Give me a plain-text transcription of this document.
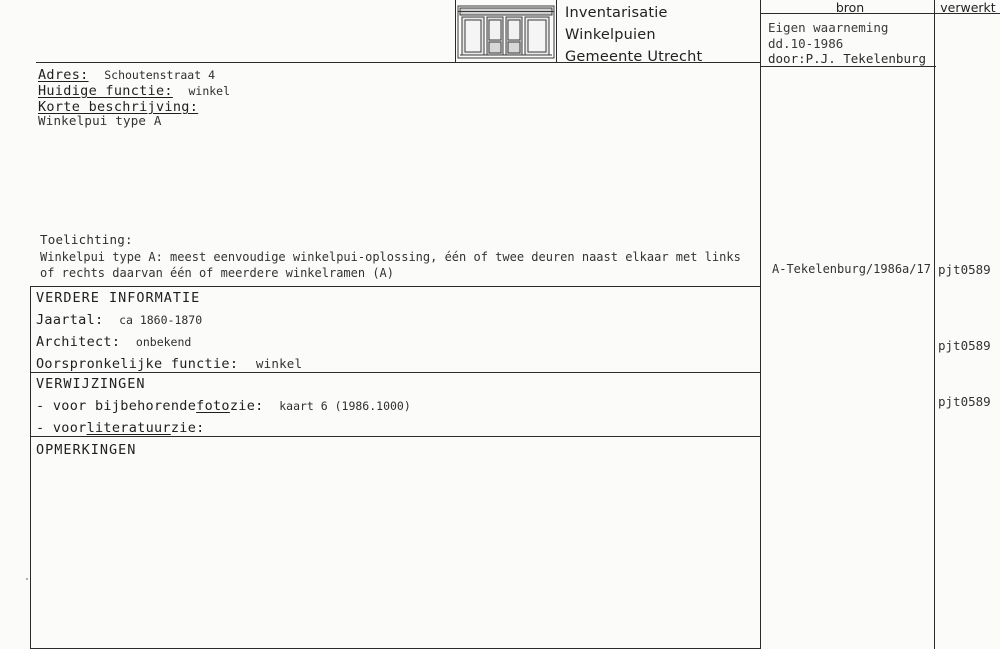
Inventarisatie
Winkelpuien
Gemeente Utrecht
bron	verwerkt
Eigen waarneming
dd.10-1986
door:P.J. Tekelenburg
Adres: Schoutenstraat 4
Huidige functie: winkel
Korte beschrijving:
Winkelpui type A
Toelichting:
Winkelpui type A: meest eenvoudige winkelpui-oplossing, één of twee deuren naast elkaar met links
of rechts daarvan één of meerdere winkelramen (A)	A-Tekelenburg/1986a/17 pjt0589
VERDERE INFORMATIE
Jaartal: ca 1860-1870
Architect: onbekend
Oorspronkelijke functie: winkel
pjt0589
VERWIJZINGEN
- voor bijbehorendefotozie: kaart 6 (1986.1000)
- voorliteratuurzie:
pjt0589
OPMERKINGEN
